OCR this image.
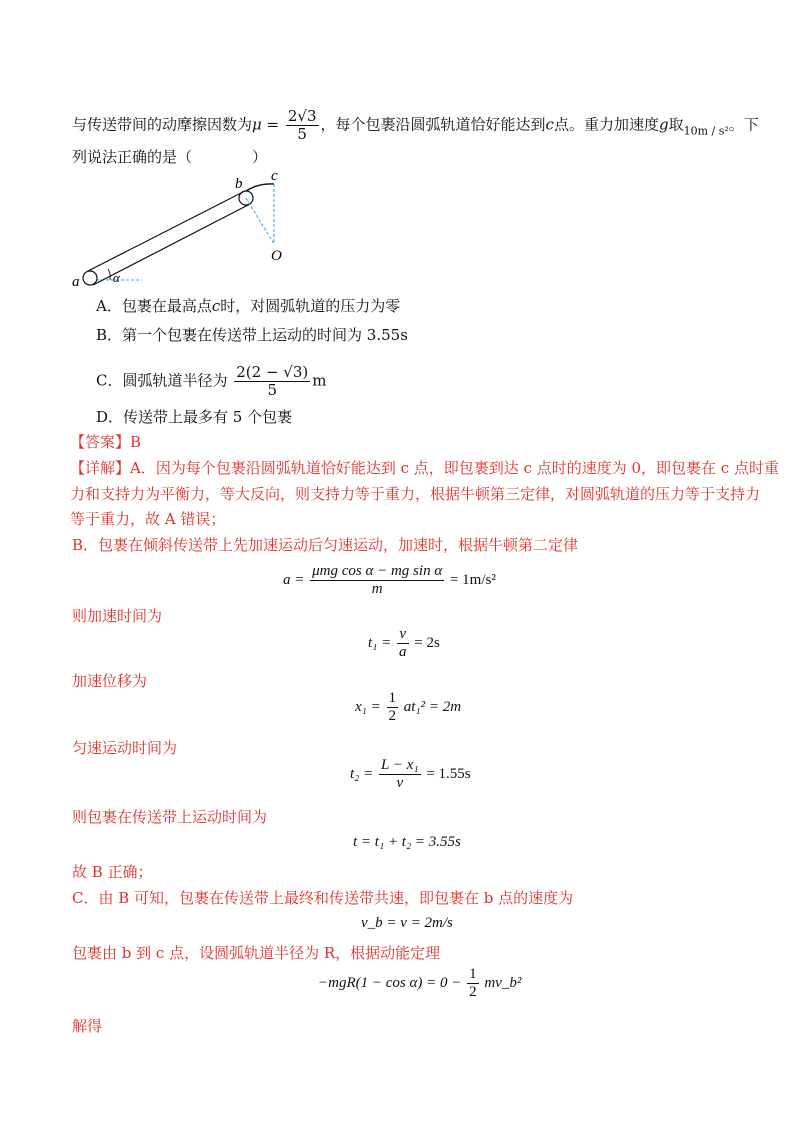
与传送带间的动摩擦因数为$\mu = \frac{2√3}{5}$ ，每个包裹沿圆弧轨道恰好能达到c点。重力加速度g取$_{10m / s^2}$。下
列说法正确的是（　　　　）
a	α
b c
O
A．包裹在最高点c时，对圆弧轨道的压力为零
B．第一个包裹在传送带上运动的时间为 3.55s
C．圆弧轨道半径为 $\frac{2(2 - √3)}{5}$ m
D．传送带上最多有 5 个包裹
【答案】B
【详解】A．因为每个包裹沿圆弧轨道恰好能达到 c 点，即包裹到达 c 点时的速度为 0，即包裹在 c 点时重
力和支持力为平衡力，等大反向，则支持力等于重力，根据牛顿第三定律，对圆弧轨道的压力等于支持力
等于重力，故 A 错误；
B．包裹在倾斜传送带上先加速运动后匀速运动，加速时，根据牛顿第二定律
$a = \frac{\text{μmg cos α − mg sin α}}{m} = 1m/s^2$
则加速时间为
$t_1 = \frac{v}{a} = 2s$
加速位移为
$x_1 = \frac{1}{2} at_1^2 = 2m$
匀速运动时间为
$t_2 = \frac{\text{L − x₁}}{v} = 1.55s$
则包裹在传送带上运动时间为
t = t₁ + t₂ = 3.55s
故 B 正确；
C．由 B 可知，包裹在传送带上最终和传送带共速，即包裹在 b 点的速度为
v_b = v = 2m/s
包裹由 b 到 c 点，设圆弧轨道半径为 R，根据动能定理
$-mgR(1 - \cos \alpha) = 0 - \frac{1}{2}$ mv_b²
解得
